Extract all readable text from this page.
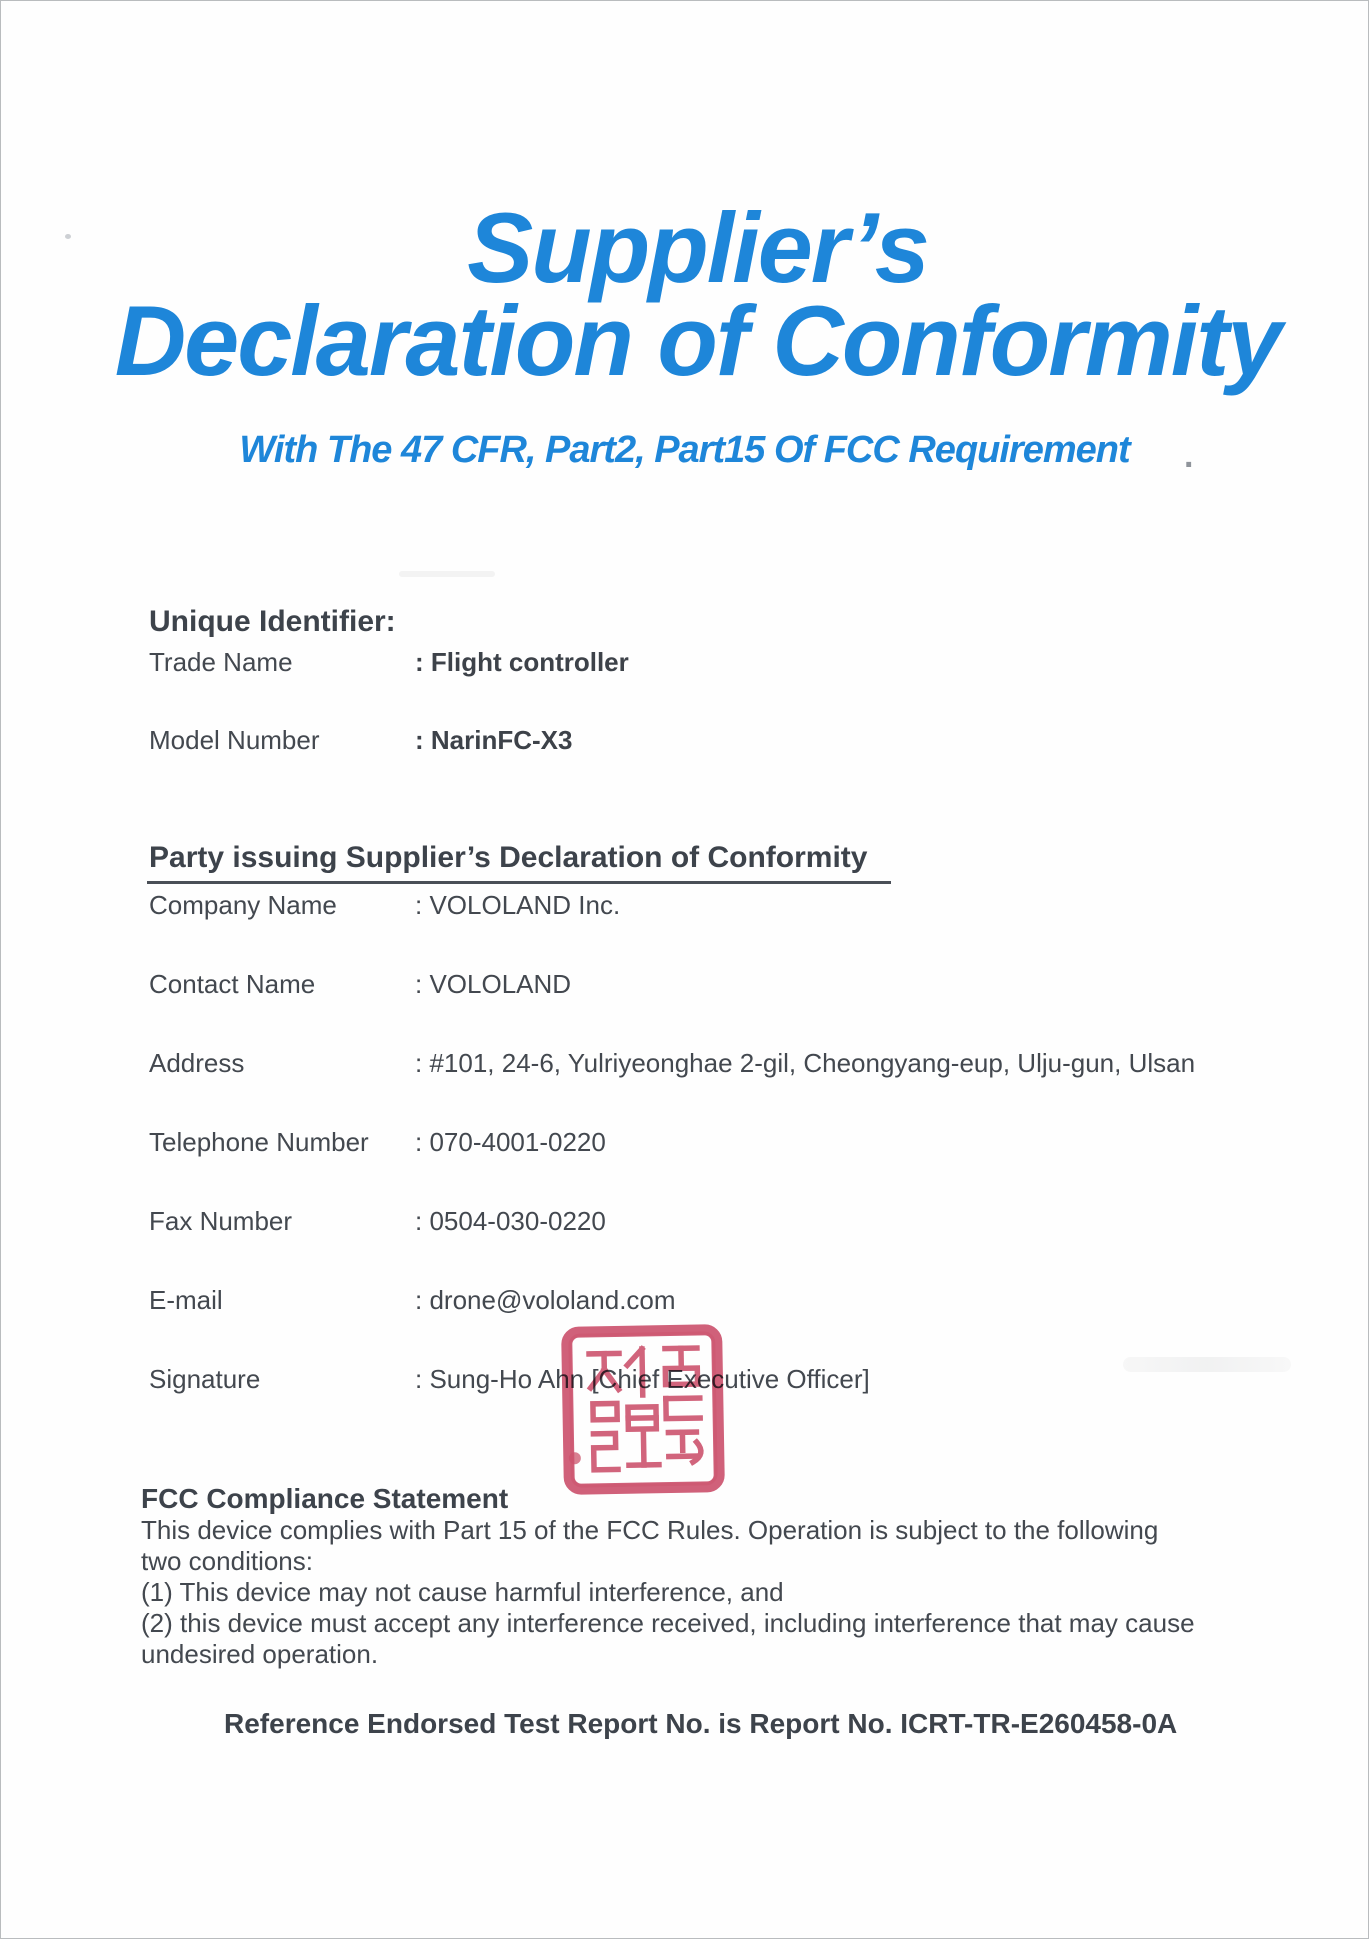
Supplier’s
Declaration of Conformity
With The 47 CFR, Part2, Part15 Of FCC Requirement	.
Unique Identifier:
Trade Name	: Flight controller
Model Number	: NarinFC-X3
Party issuing Supplier’s Declaration of Conformity
Company Name	: VOLOLAND Inc.
Contact Name	: VOLOLAND
Address	: #101, 24-6, Yulriyeonghae 2-gil, Cheongyang-eup, Ulju-gun, Ulsan
Telephone Number : 070-4001-0220
Fax Number	: 0504-030-0220
E-mail	: drone@vololand.com
Signature	: Sung-Ho Ahn [Chief Executive Officer]
FCC Compliance Statement
This device complies with Part 15 of the FCC Rules. Operation is subject to the following
two conditions:
(1) This device may not cause harmful interference, and
(2) this device must accept any interference received, including interference that may cause
undesired operation.
Reference Endorsed Test Report No. is Report No. ICRT-TR-E260458-0A
